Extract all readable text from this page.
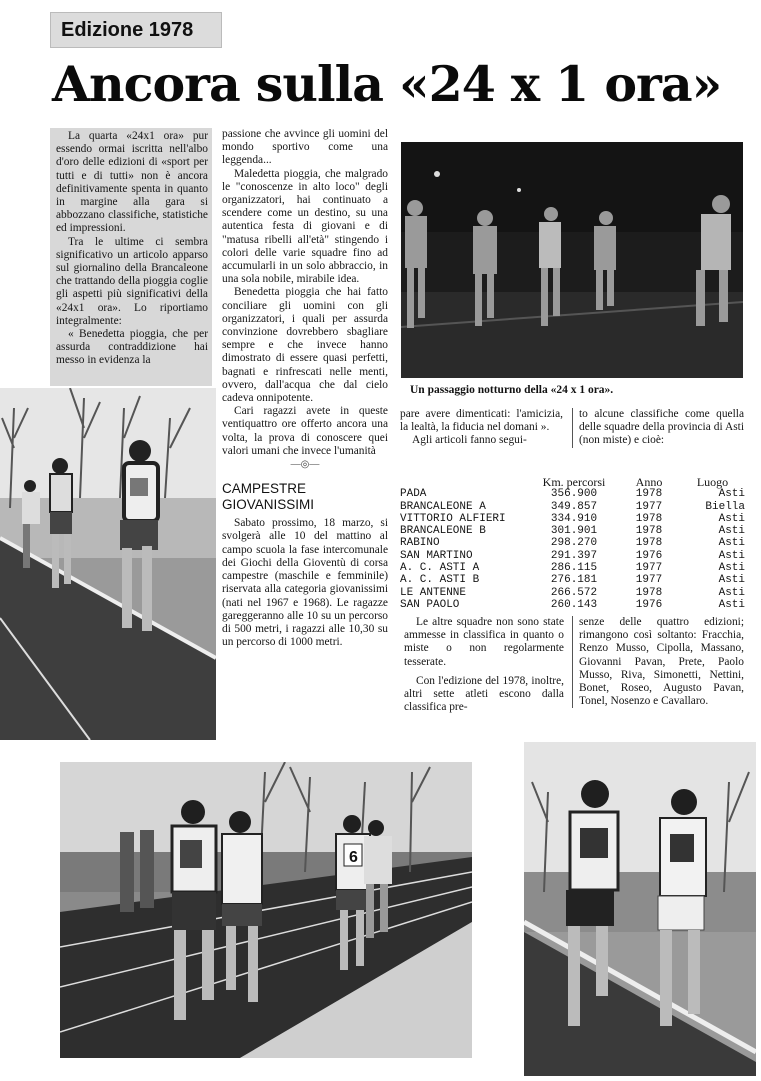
Edizione 1978
Ancora sulla «24 x 1 ora»

La quarta «24x1 ora» pur essendo ormai iscritta nell'albo d'oro delle edizioni di «sport per tutti e di tutti» non è ancora definitivamente spenta in quanto in margine alla gara si abbozzano classifiche, statistiche ed impressioni.

Tra le ultime ci sembra significativo un articolo apparso sul giornalino della Brancaleone che trattando della pioggia coglie gli aspetti più significativi della «24x1 ora». Lo riportiamo integralmente:

« Benedetta pioggia, che per assurda contraddizione hai messo in evidenza la

passione che avvince gli uomini del mondo sportivo come una leggenda...

Maledetta pioggia, che malgrado le "conoscenze in alto loco" degli organizzatori, hai continuato a scendere come un destino, su una autentica festa di giovani e di "matusa ribelli all'età" stingendo i colori delle varie squadre fino ad accumularli in un solo abbraccio, in una sola nobile, mirabile idea.

Benedetta pioggia che hai fatto conciliare gli uomini con gli organizzatori, i quali per assurda convinzione dovrebbero sbagliare sempre e che invece hanno dimostrato di essere quasi perfetti, bagnati e rinfrescati nelle menti, ovvero, dall'acqua che dal cielo cadeva onnipotente.

Cari ragazzi avete in queste ventiquattro ore offerto ancora una volta, la prova di conoscere quei valori umani che invece l'umanità

—◎—
CAMPESTRE GIOVANISSIMI

Sabato prossimo, 18 marzo, si svolgerà alle 10 del mattino al campo scuola la fase intercomunale dei Giochi della Gioventù di corsa campestre (maschile e femminile) riservata alla categoria giovanissimi (nati nel 1967 e 1968). Le ragazze gareggeranno alle 10 su un percorso di 500 metri, i ragazzi alle 10,30 su un percorso di 1000 metri.

Un passaggio notturno della «24 x 1 ora».

pare avere dimenticati: l'amicizia, la lealtà, la fiducia nel domani ».

Agli articoli fanno segui-

to alcune classifiche come quella delle squadre della provincia di Asti (non miste) e cioè:

	Km. percorsi	Anno	Luogo
PADA	356.900	1978	Asti
BRANCALEONE A	349.857	1977	Biella
VITTORIO ALFIERI	334.910	1978	Asti
BRANCALEONE B	301.901	1978	Asti
RABINO	298.270	1978	Asti
SAN MARTINO	291.397	1976	Asti
A. C. ASTI A	286.115	1977	Asti
A. C. ASTI B	276.181	1977	Asti
LE ANTENNE	266.572	1978	Asti
SAN PAOLO	260.143	1976	Asti

Le altre squadre non sono state ammesse in classifica in quanto o miste o non regolarmente tesserate.

Con l'edizione del 1978, inoltre, altri sette atleti escono dalla classifica pre-

senze delle quattro edizioni; rimangono così soltanto: Fracchia, Renzo Musso, Cipolla, Massano, Giovanni Pavan, Prete, Paolo Musso, Riva, Simonetti, Nettini, Bonet, Roseo, Augusto Pavan, Tonel, Nosenzo e Cavallaro.

6
